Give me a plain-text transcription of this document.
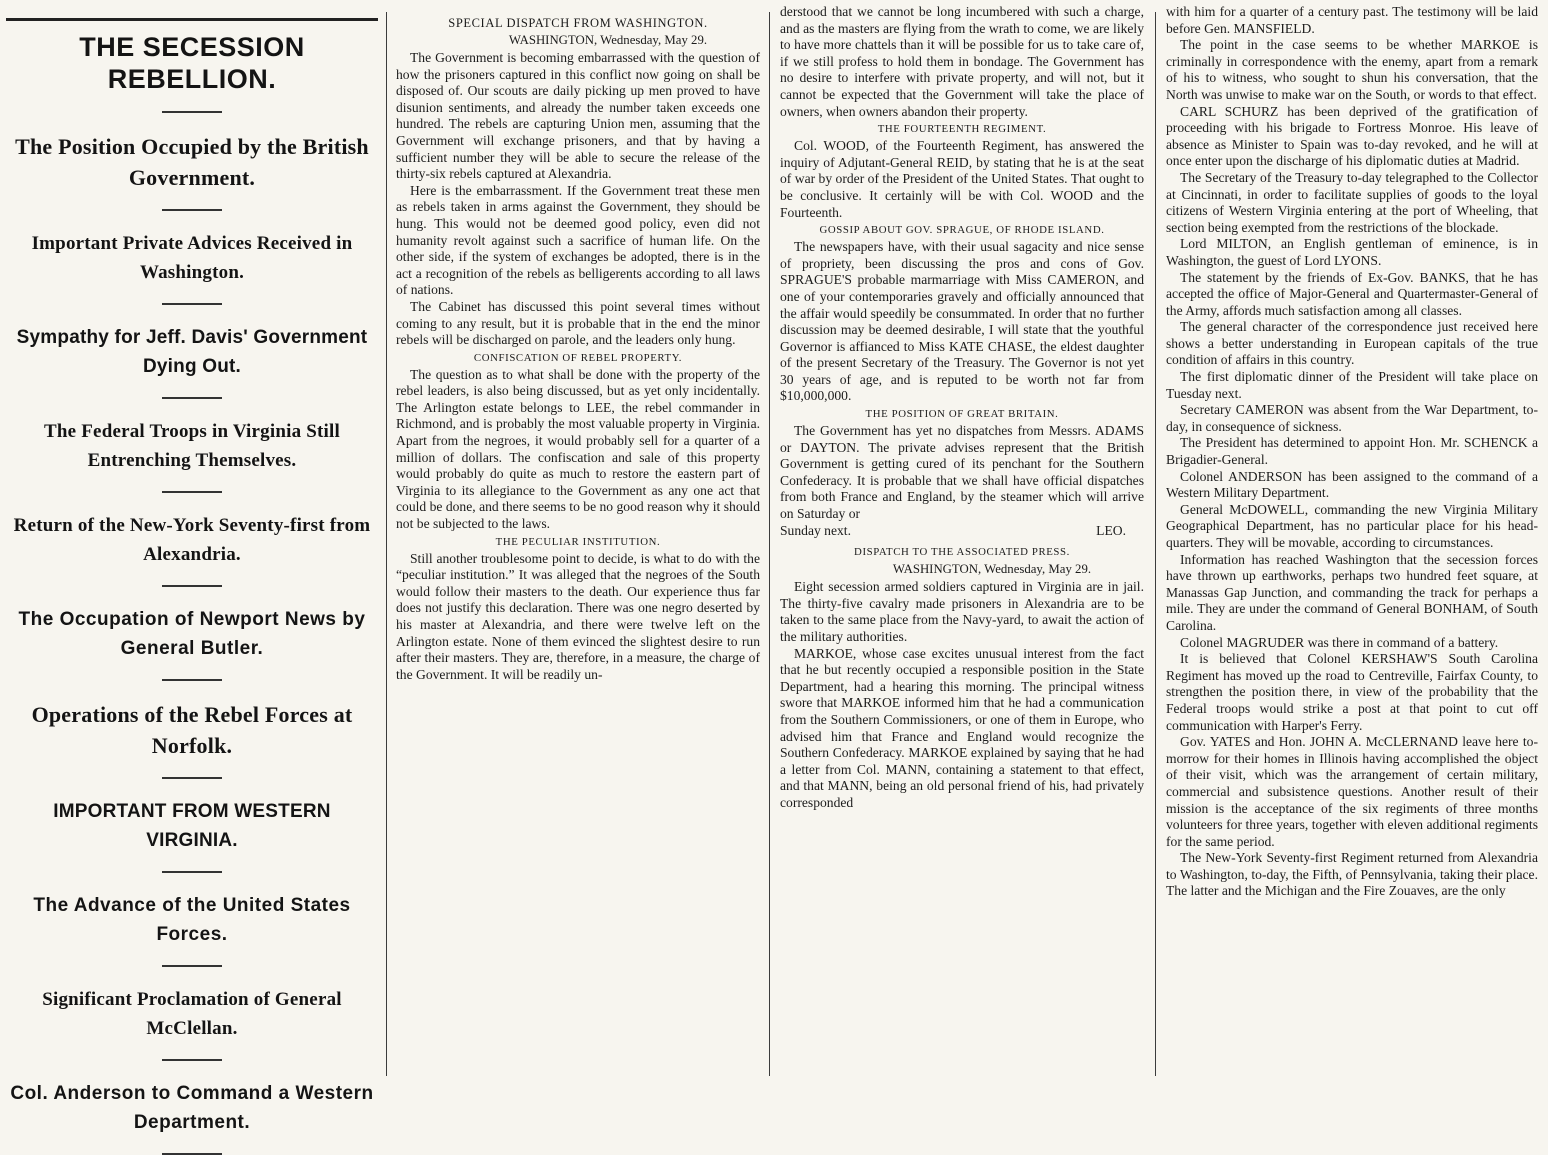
THE SECESSION REBELLION.
The Position Occupied by the British Government.
Important Private Advices Received in Washington.
Sympathy for Jeff. Davis' Government Dying Out.
The Federal Troops in Virginia Still Entrenching Themselves.
Return of the New-York Seventy-first from Alexandria.
The Occupation of Newport News by General Butler.
Operations of the Rebel Forces at Norfolk.
IMPORTANT FROM WESTERN VIRGINIA.
The Advance of the United States Forces.
Significant Proclamation of General McClellan.
Col. Anderson to Command a Western Department.
SPECIAL DISPATCH FROM WASHINGTON.
WASHINGTON, Wednesday, May 29.

The Government is becoming embarrassed with the question of how the prisoners captured in this conflict now going on shall be disposed of. Our scouts are daily picking up men proved to have disunion sentiments, and already the number taken exceeds one hundred. The rebels are capturing Union men, assuming that the Government will exchange prisoners, and that by having a sufficient number they will be able to secure the release of the thirty-six rebels captured at Alexandria.

Here is the embarrassment. If the Government treat these men as rebels taken in arms against the Government, they should be hung. This would not be deemed good policy, even did not humanity revolt against such a sacrifice of human life. On the other side, if the system of exchanges be adopted, there is in the act a recognition of the rebels as belligerents according to all laws of nations.

The Cabinet has discussed this point several times without coming to any result, but it is probable that in the end the minor rebels will be discharged on parole, and the leaders only hung.

CONFISCATION OF REBEL PROPERTY.

The question as to what shall be done with the property of the rebel leaders, is also being discussed, but as yet only incidentally. The Arlington estate belongs to LEE, the rebel commander in Richmond, and is probably the most valuable property in Virginia. Apart from the negroes, it would probably sell for a quarter of a million of dollars. The confiscation and sale of this property would probably do quite as much to restore the eastern part of Virginia to its allegiance to the Government as any one act that could be done, and there seems to be no good reason why it should not be subjected to the laws.

THE PECULIAR INSTITUTION.

Still another troublesome point to decide, is what to do with the “peculiar institution.” It was alleged that the negroes of the South would follow their masters to the death. Our experience thus far does not justify this declaration. There was one negro deserted by his master at Alexandria, and there were twelve left on the Arlington estate. None of them evinced the slightest desire to run after their masters. They are, therefore, in a measure, the charge of the Government. It will be readily un-

derstood that we cannot be long incumbered with such a charge, and as the masters are flying from the wrath to come, we are likely to have more chattels than it will be possible for us to take care of, if we still profess to hold them in bondage. The Government has no desire to interfere with private property, and will not, but it cannot be expected that the Government will take the place of owners, when owners abandon their property.

THE FOURTEENTH REGIMENT.

Col. WOOD, of the Fourteenth Regiment, has answered the inquiry of Adjutant-General REID, by stating that he is at the seat of war by order of the President of the United States. That ought to be conclusive. It certainly will be with Col. WOOD and the Fourteenth.

GOSSIP ABOUT GOV. SPRAGUE, OF RHODE ISLAND.

The newspapers have, with their usual sagacity and nice sense of propriety, been discussing the pros and cons of Gov. SPRAGUE'S probable marmarriage with Miss CAMERON, and one of your contemporaries gravely and officially announced that the affair would speedily be consummated. In order that no further discussion may be deemed desirable, I will state that the youthful Governor is affianced to Miss KATE CHASE, the eldest daughter of the present Secretary of the Treasury. The Governor is not yet 30 years of age, and is reputed to be worth not far from $10,000,000.

THE POSITION OF GREAT BRITAIN.

The Government has yet no dispatches from Messrs. ADAMS or DAYTON. The private advises represent that the British Government is getting cured of its penchant for the Southern Confederacy. It is probable that we shall have official dispatches from both France and England, by the steamer which will arrive on Saturday or

Sunday next.	LEO.
DISPATCH TO THE ASSOCIATED PRESS.
WASHINGTON, Wednesday, May 29.

Eight secession armed soldiers captured in Virginia are in jail. The thirty-five cavalry made prisoners in Alexandria are to be taken to the same place from the Navy-yard, to await the action of the military authorities.

MARKOE, whose case excites unusual interest from the fact that he but recently occupied a responsible position in the State Department, had a hearing this morning. The principal witness swore that MARKOE informed him that he had a communication from the Southern Commissioners, or one of them in Europe, who advised him that France and England would recognize the Southern Confederacy. MARKOE explained by saying that he had a letter from Col. MANN, containing a statement to that effect, and that MANN, being an old personal friend of his, had privately corresponded

with him for a quarter of a century past. The testimony will be laid before Gen. MANSFIELD.

The point in the case seems to be whether MARKOE is criminally in correspondence with the enemy, apart from a remark of his to witness, who sought to shun his conversation, that the North was unwise to make war on the South, or words to that effect.

CARL SCHURZ has been deprived of the gratification of proceeding with his brigade to Fortress Monroe. His leave of absence as Minister to Spain was to-day revoked, and he will at once enter upon the discharge of his diplomatic duties at Madrid.

The Secretary of the Treasury to-day telegraphed to the Collector at Cincinnati, in order to facilitate supplies of goods to the loyal citizens of Western Virginia entering at the port of Wheeling, that section being exempted from the restrictions of the blockade.

Lord MILTON, an English gentleman of eminence, is in Washington, the guest of Lord LYONS.

The statement by the friends of Ex-Gov. BANKS, that he has accepted the office of Major-General and Quartermaster-General of the Army, affords much satisfaction among all classes.

The general character of the correspondence just received here shows a better understanding in European capitals of the true condition of affairs in this country.

The first diplomatic dinner of the President will take place on Tuesday next.

Secretary CAMERON was absent from the War Department, to-day, in consequence of sickness.

The President has determined to appoint Hon. Mr. SCHENCK a Brigadier-General.

Colonel ANDERSON has been assigned to the command of a Western Military Department.

General McDOWELL, commanding the new Virginia Military Geographical Department, has no particular place for his head-quarters. They will be movable, according to circumstances.

Information has reached Washington that the secession forces have thrown up earthworks, perhaps two hundred feet square, at Manassas Gap Junction, and commanding the track for perhaps a mile. They are under the command of General BONHAM, of South Carolina.

Colonel MAGRUDER was there in command of a battery.

It is believed that Colonel KERSHAW'S South Carolina Regiment has moved up the road to Centreville, Fairfax County, to strengthen the position there, in view of the probability that the Federal troops would strike a post at that point to cut off communication with Harper's Ferry.

Gov. YATES and Hon. JOHN A. McCLERNAND leave here to-morrow for their homes in Illinois having accomplished the object of their visit, which was the arrangement of certain military, commercial and subsistence questions. Another result of their mission is the acceptance of the six regiments of three months volunteers for three years, together with eleven additional regiments for the same period.

The New-York Seventy-first Regiment returned from Alexandria to Washington, to-day, the Fifth, of Pennsylvania, taking their place. The latter and the Michigan and the Fire Zouaves, are the only
